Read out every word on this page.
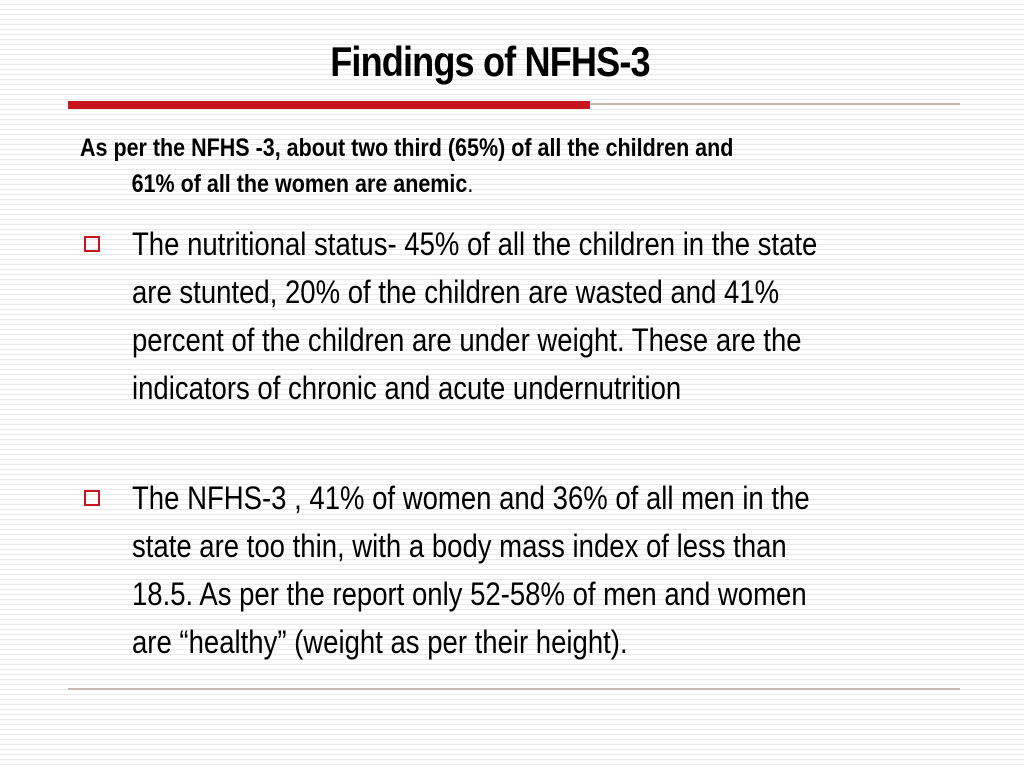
Findings of NFHS-3
As per the NFHS -3, about two third (65%) of all the children and
61% of all the women are anemic.
The nutritional status- 45% of all the children in the state
are stunted, 20% of the children are wasted and 41%
percent of the children are under weight. These are the
indicators of chronic and acute undernutrition
The NFHS-3 , 41% of women and 36% of all men in the
state are too thin, with a body mass index of less than
18.5. As per the report only 52-58% of men and women
are “healthy” (weight as per their height).
